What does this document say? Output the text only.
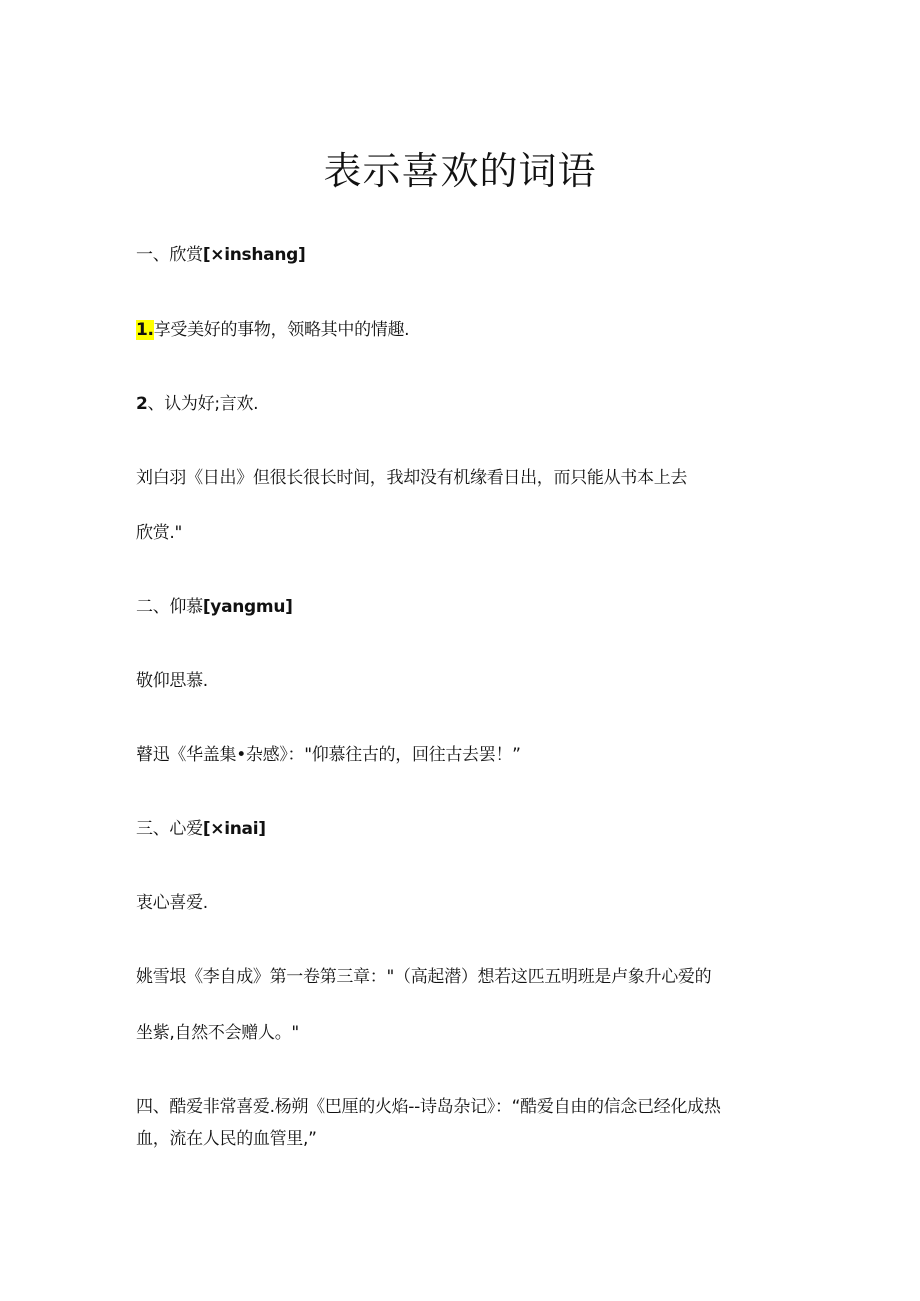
表示喜欢的词语
一、欣赏[×inshang]
1.享受美好的事物，领略其中的情趣.
2、认为好;言欢.
刘白羽《日出》但很长很长时间，我却没有机缘看日出，而只能从书本上去
欣赏."
二、仰慕[yangmu]
敬仰思慕.
瞽迅《华盖集•杂感》："仰慕往古的，回往古去罢！”
三、心爱[×inai]
衷心喜爱.
姚雪垠《李自成》第一卷第三章："（高起潜）想若这匹五明班是卢象升心爱的
坐紫,自然不会赠人。"
四、酷爱非常喜爱.杨朔《巴厘的火焰--诗岛杂记》：“酷爱自由的信念已经化成热
血，流在人民的血管里,”
